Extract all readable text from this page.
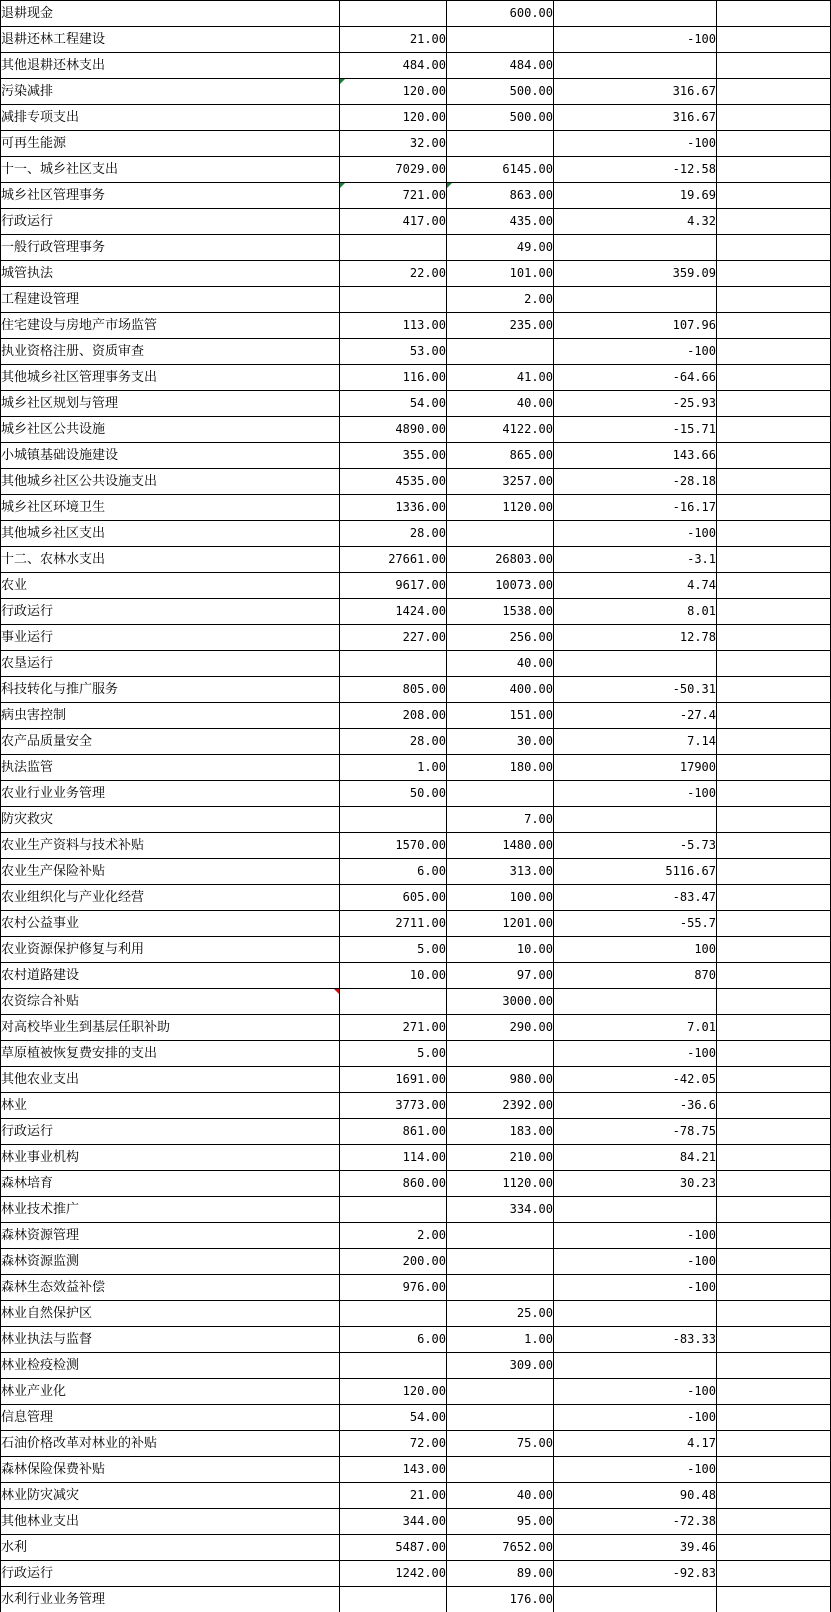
退耕现金		600.00		
退耕还林工程建设	21.00		-100	
其他退耕还林支出	484.00	484.00		
污染减排	120.00	500.00	316.67	
减排专项支出	120.00	500.00	316.67	
可再生能源	32.00		-100	
十一、城乡社区支出	7029.00	6145.00	-12.58	
城乡社区管理事务	721.00	863.00	19.69	
行政运行	417.00	435.00	4.32	
一般行政管理事务		49.00		
城管执法	22.00	101.00	359.09	
工程建设管理		2.00		
住宅建设与房地产市场监管	113.00	235.00	107.96	
执业资格注册、资质审查	53.00		-100	
其他城乡社区管理事务支出	116.00	41.00	-64.66	
城乡社区规划与管理	54.00	40.00	-25.93	
城乡社区公共设施	4890.00	4122.00	-15.71	
小城镇基础设施建设	355.00	865.00	143.66	
其他城乡社区公共设施支出	4535.00	3257.00	-28.18	
城乡社区环境卫生	1336.00	1120.00	-16.17	
其他城乡社区支出	28.00		-100	
十二、农林水支出	27661.00	26803.00	-3.1	
农业	9617.00	10073.00	4.74	
行政运行	1424.00	1538.00	8.01	
事业运行	227.00	256.00	12.78	
农垦运行		40.00		
科技转化与推广服务	805.00	400.00	-50.31	
病虫害控制	208.00	151.00	-27.4	
农产品质量安全	28.00	30.00	7.14	
执法监管	1.00	180.00	17900	
农业行业业务管理	50.00		-100	
防灾救灾		7.00		
农业生产资料与技术补贴	1570.00	1480.00	-5.73	
农业生产保险补贴	6.00	313.00	5116.67	
农业组织化与产业化经营	605.00	100.00	-83.47	
农村公益事业	2711.00	1201.00	-55.7	
农业资源保护修复与利用	5.00	10.00	100	
农村道路建设	10.00	97.00	870	
农资综合补贴		3000.00		
对高校毕业生到基层任职补助	271.00	290.00	7.01	
草原植被恢复费安排的支出	5.00		-100	
其他农业支出	1691.00	980.00	-42.05	
林业	3773.00	2392.00	-36.6	
行政运行	861.00	183.00	-78.75	
林业事业机构	114.00	210.00	84.21	
森林培育	860.00	1120.00	30.23	
林业技术推广		334.00		
森林资源管理	2.00		-100	
森林资源监测	200.00		-100	
森林生态效益补偿	976.00		-100	
林业自然保护区		25.00		
林业执法与监督	6.00	1.00	-83.33	
林业检疫检测		309.00		
林业产业化	120.00		-100	
信息管理	54.00		-100	
石油价格改革对林业的补贴	72.00	75.00	4.17	
森林保险保费补贴	143.00		-100	
林业防灾减灾	21.00	40.00	90.48	
其他林业支出	344.00	95.00	-72.38	
水利	5487.00	7652.00	39.46	
行政运行	1242.00	89.00	-92.83	
水利行业业务管理		176.00		
